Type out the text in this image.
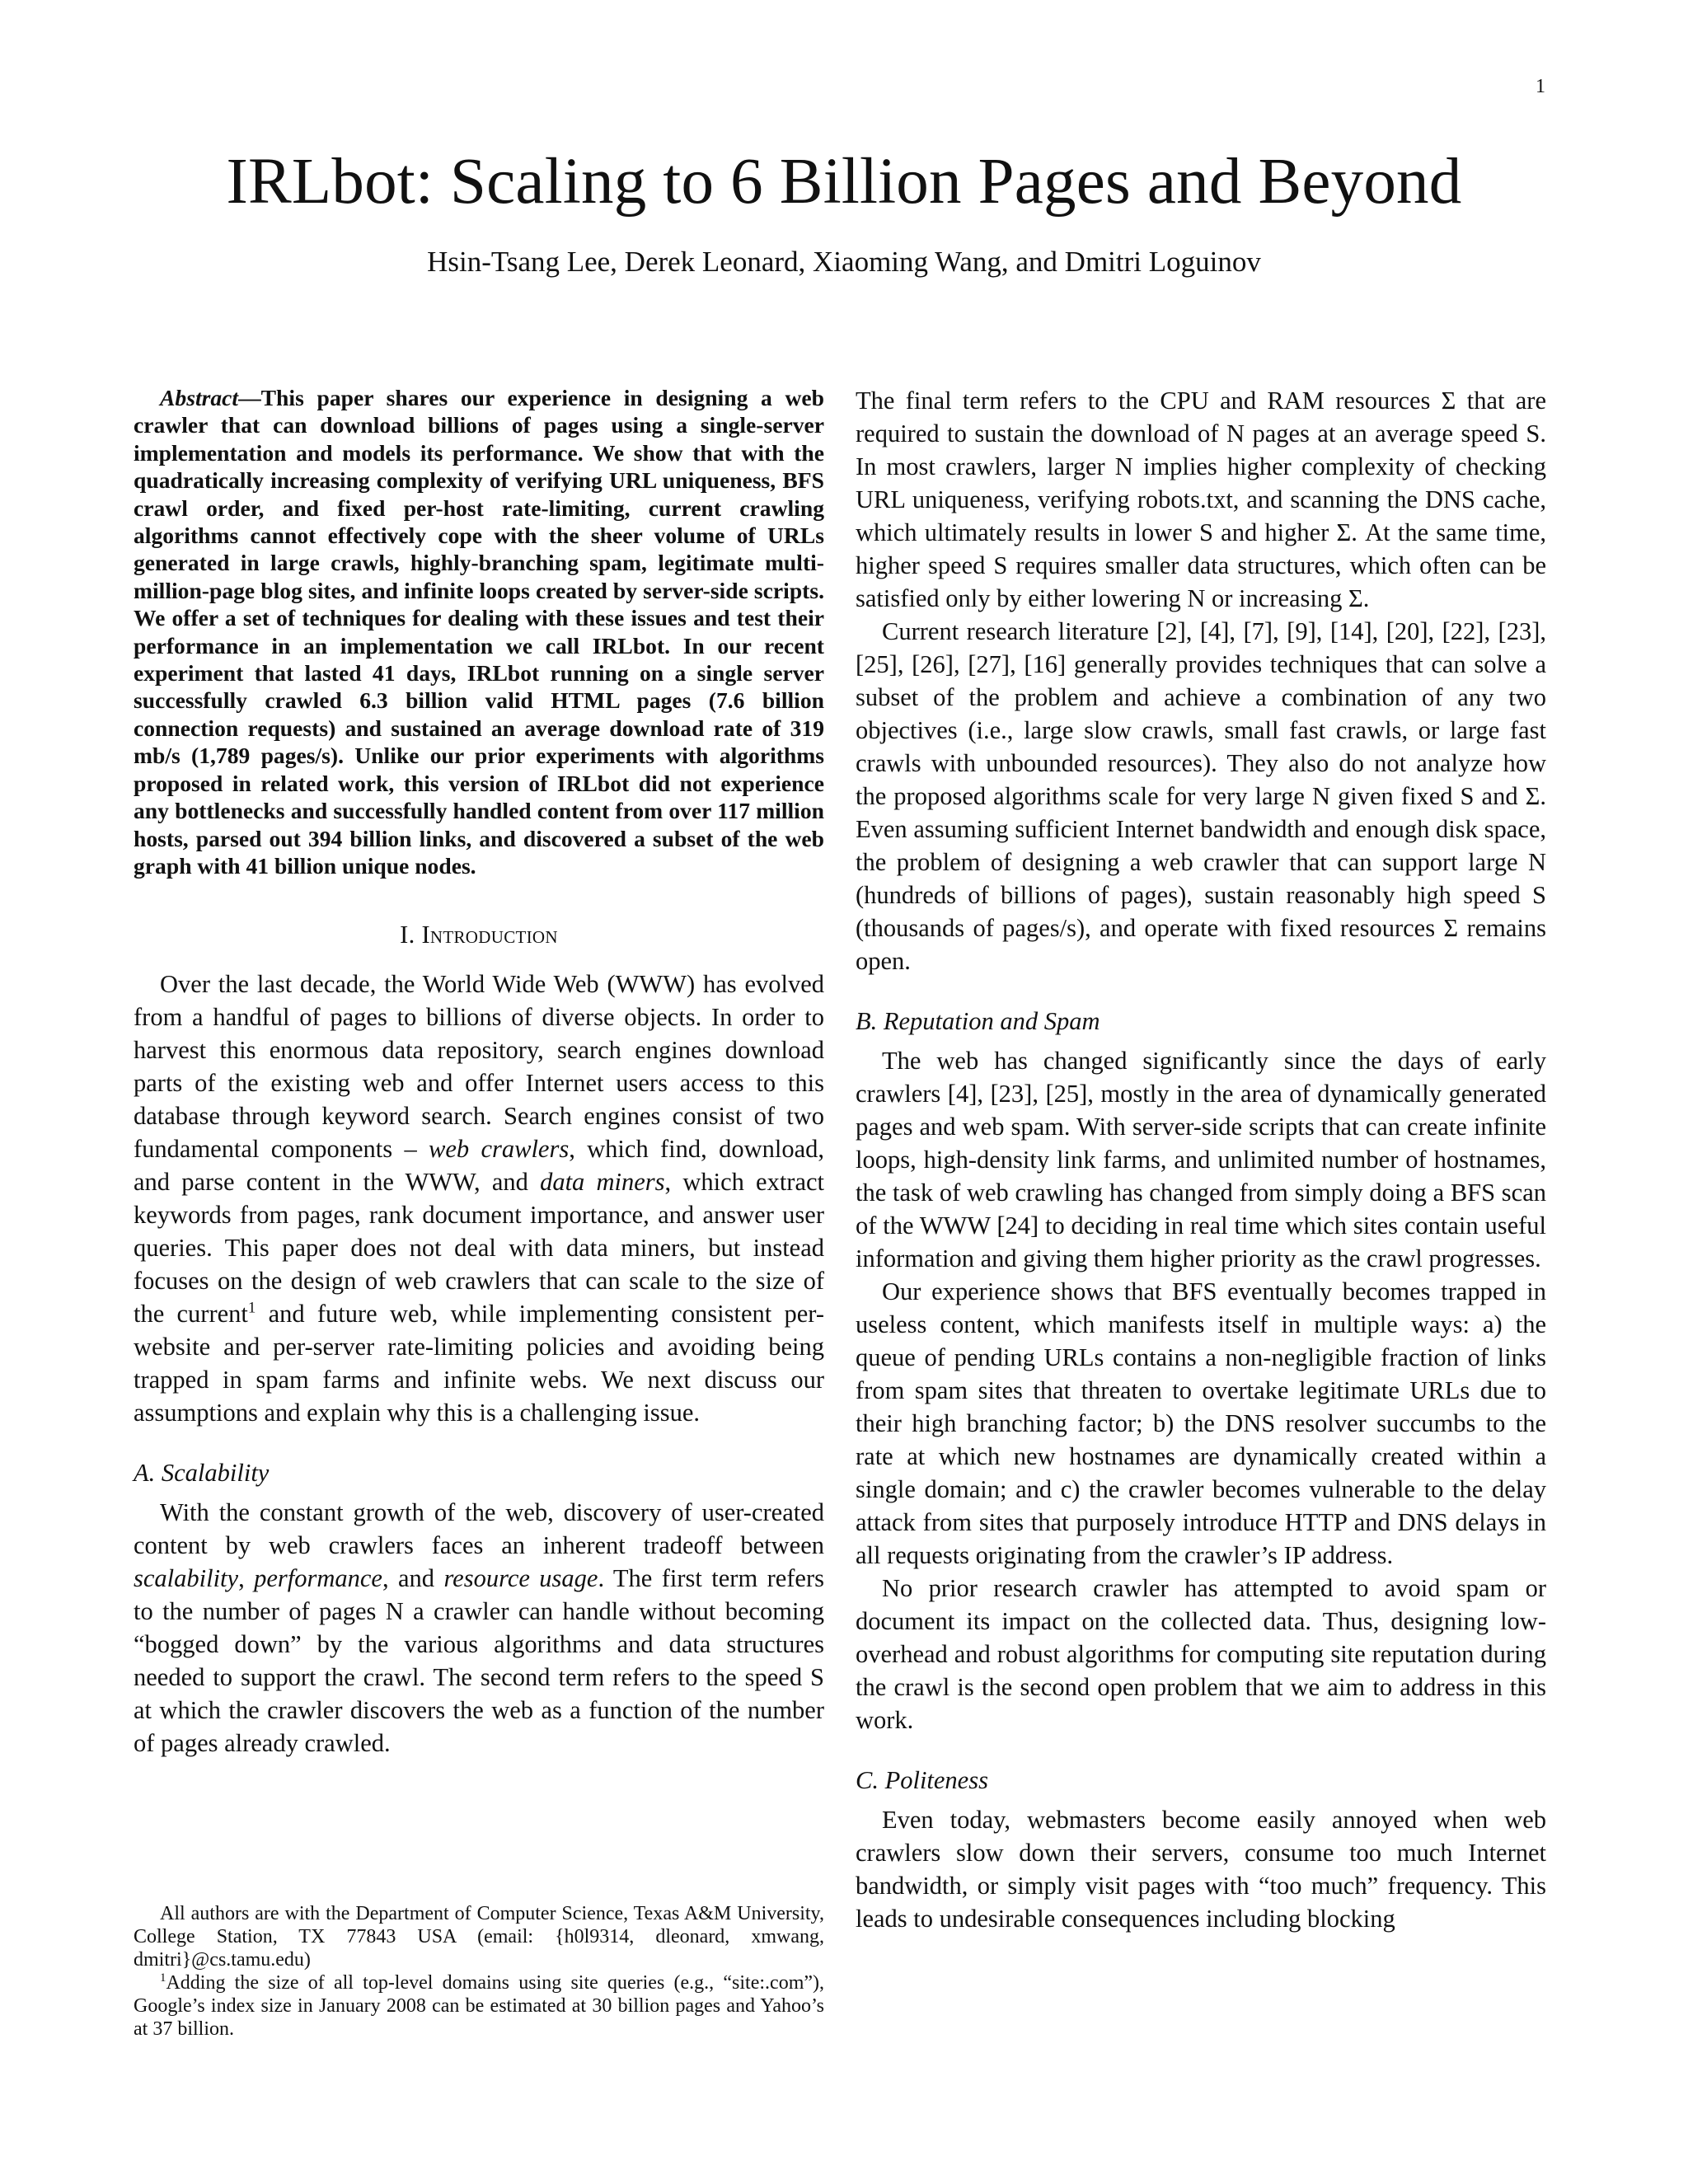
1
IRLbot: Scaling to 6 Billion Pages and Beyond
Hsin-Tsang Lee, Derek Leonard, Xiaoming Wang, and Dmitri Loguinov

Abstract—This paper shares our experience in designing a web crawler that can download billions of pages using a single-server implementation and models its performance. We show that with the quadratically increasing complexity of verifying URL uniqueness, BFS crawl order, and fixed per-host rate-limiting, current crawling algorithms cannot effectively cope with the sheer volume of URLs generated in large crawls, highly-branching spam, legitimate multi-million-page blog sites, and infinite loops created by server-side scripts. We offer a set of techniques for dealing with these issues and test their performance in an implementation we call IRLbot. In our recent experiment that lasted 41 days, IRLbot running on a single server successfully crawled 6.3 billion valid HTML pages (7.6 billion connection requests) and sustained an average download rate of 319 mb/s (1,789 pages/s). Unlike our prior experiments with algorithms proposed in related work, this version of IRLbot did not experience any bottlenecks and successfully handled content from over 117 million hosts, parsed out 394 billion links, and discovered a subset of the web graph with 41 billion unique nodes.

I. Introduction

Over the last decade, the World Wide Web (WWW) has evolved from a handful of pages to billions of diverse objects. In order to harvest this enormous data repository, search engines download parts of the existing web and offer Internet users access to this database through keyword search. Search engines consist of two fundamental components – web crawlers, which find, download, and parse content in the WWW, and data miners, which extract keywords from pages, rank document importance, and answer user queries. This paper does not deal with data miners, but instead focuses on the design of web crawlers that can scale to the size of the current$^1$ and future web, while implementing consistent per-website and per-server rate-limiting policies and avoiding being trapped in spam farms and infinite webs. We next discuss our assumptions and explain why this is a challenging issue.

A. Scalability

With the constant growth of the web, discovery of user-created content by web crawlers faces an inherent tradeoff between scalability, performance, and resource usage. The first term refers to the number of pages N a crawler can handle without becoming “bogged down” by the various algorithms and data structures needed to support the crawl. The second term refers to the speed S at which the crawler discovers the web as a function of the number of pages already crawled.

All authors are with the Department of Computer Science, Texas A&M University, College Station, TX 77843 USA (email: {h0l9314, dleonard, xmwang, dmitri}@cs.tamu.edu)

$^1$Adding the size of all top-level domains using site queries (e.g., “site:.com”), Google’s index size in January 2008 can be estimated at 30 billion pages and Yahoo’s at 37 billion.

The final term refers to the CPU and RAM resources Σ that are required to sustain the download of N pages at an average speed S. In most crawlers, larger N implies higher complexity of checking URL uniqueness, verifying robots.txt, and scanning the DNS cache, which ultimately results in lower S and higher Σ. At the same time, higher speed S requires smaller data structures, which often can be satisfied only by either lowering N or increasing Σ.

Current research literature [2], [4], [7], [9], [14], [20], [22], [23], [25], [26], [27], [16] generally provides techniques that can solve a subset of the problem and achieve a combination of any two objectives (i.e., large slow crawls, small fast crawls, or large fast crawls with unbounded resources). They also do not analyze how the proposed algorithms scale for very large N given fixed S and Σ. Even assuming sufficient Internet bandwidth and enough disk space, the problem of designing a web crawler that can support large N (hundreds of billions of pages), sustain reasonably high speed S (thousands of pages/s), and operate with fixed resources Σ remains open.

B. Reputation and Spam

The web has changed significantly since the days of early crawlers [4], [23], [25], mostly in the area of dynamically generated pages and web spam. With server-side scripts that can create infinite loops, high-density link farms, and unlimited number of hostnames, the task of web crawling has changed from simply doing a BFS scan of the WWW [24] to deciding in real time which sites contain useful information and giving them higher priority as the crawl progresses.

Our experience shows that BFS eventually becomes trapped in useless content, which manifests itself in multiple ways: a) the queue of pending URLs contains a non-negligible fraction of links from spam sites that threaten to overtake legitimate URLs due to their high branching factor; b) the DNS resolver succumbs to the rate at which new hostnames are dynamically created within a single domain; and c) the crawler becomes vulnerable to the delay attack from sites that purposely introduce HTTP and DNS delays in all requests originating from the crawler’s IP address.

No prior research crawler has attempted to avoid spam or document its impact on the collected data. Thus, designing low-overhead and robust algorithms for computing site reputation during the crawl is the second open problem that we aim to address in this work.

C. Politeness

Even today, webmasters become easily annoyed when web crawlers slow down their servers, consume too much Internet bandwidth, or simply visit pages with “too much” frequency. This leads to undesirable consequences including blocking
